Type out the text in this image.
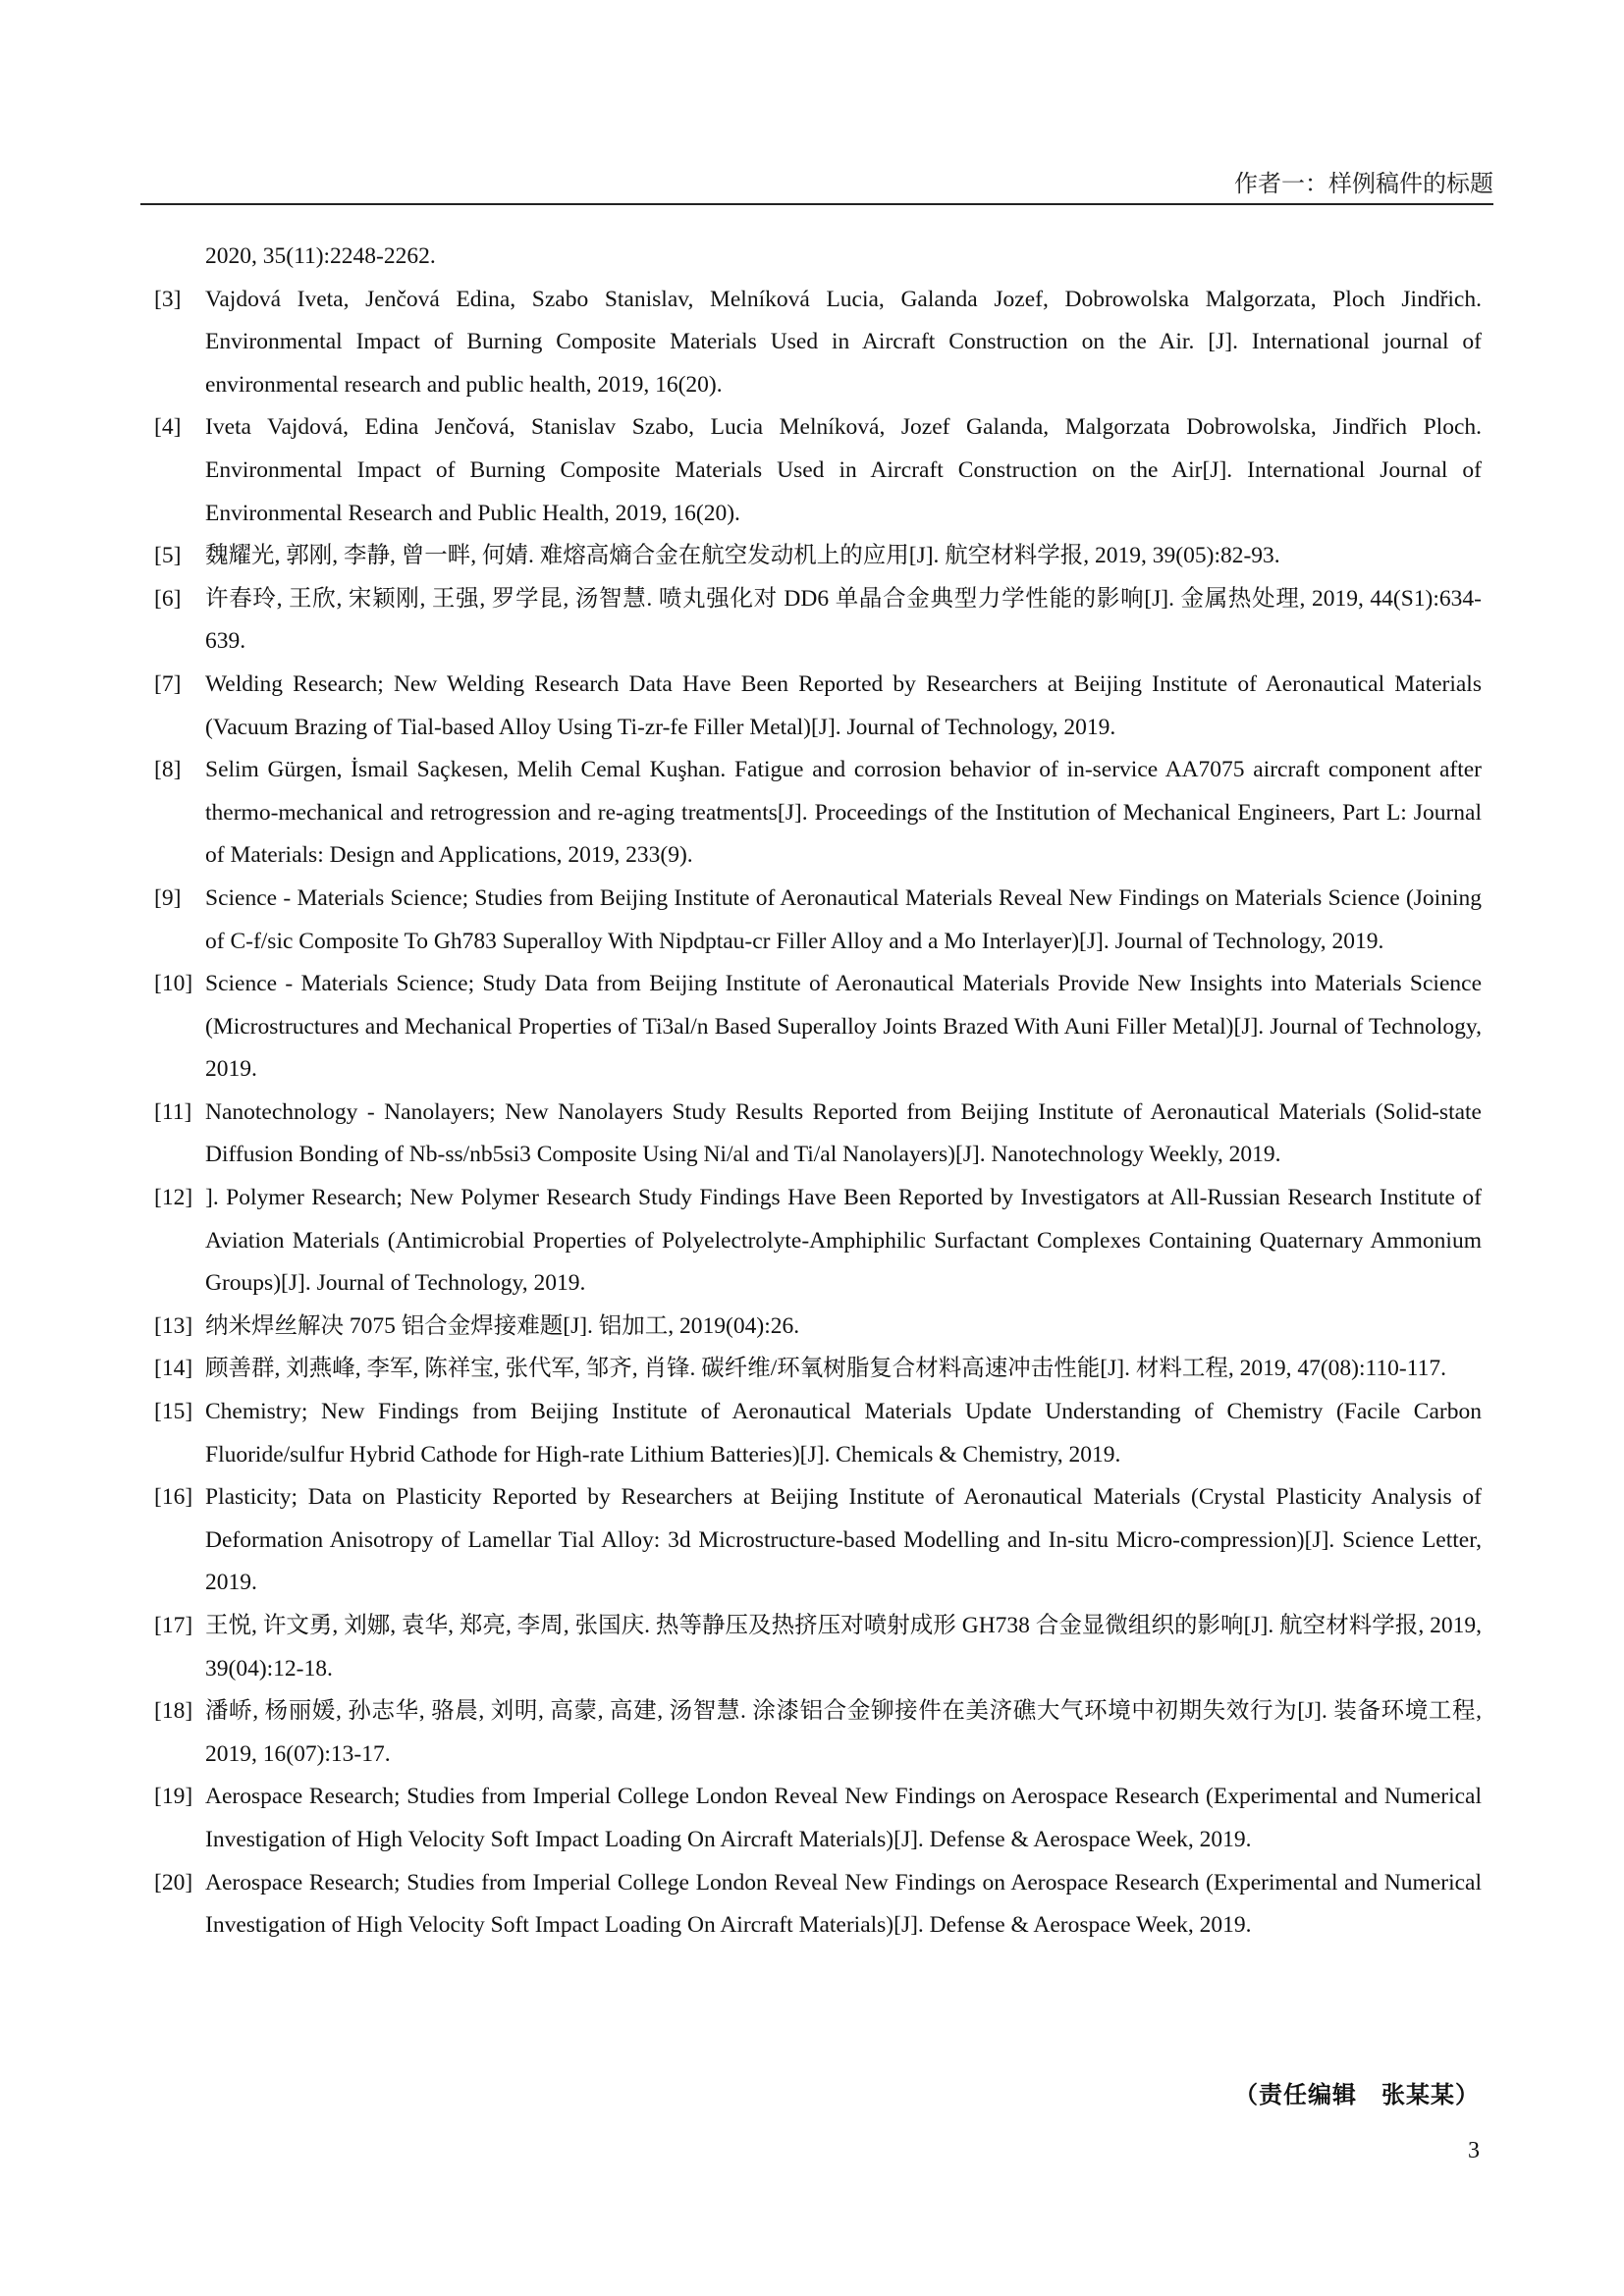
作者一：样例稿件的标题
2020, 35(11):2248-2262.
[3] Vajdová Iveta, Jenčová Edina, Szabo Stanislav, Melníková Lucia, Galanda Jozef, Dobrowolska Malgorzata, Ploch Jindřich. Environmental Impact of Burning Composite Materials Used in Aircraft Construction on the Air. [J]. International journal of environmental research and public health, 2019, 16(20).
[4] Iveta Vajdová, Edina Jenčová, Stanislav Szabo, Lucia Melníková, Jozef Galanda, Malgorzata Dobrowolska, Jindřich Ploch. Environmental Impact of Burning Composite Materials Used in Aircraft Construction on the Air[J]. International Journal of Environmental Research and Public Health, 2019, 16(20).
[5] 魏耀光, 郭刚, 李静, 曾一畔, 何婧. 难熔高熵合金在航空发动机上的应用[J]. 航空材料学报, 2019, 39(05):82-93.
[6] 许春玲, 王欣, 宋颖刚, 王强, 罗学昆, 汤智慧. 喷丸强化对 DD6 单晶合金典型力学性能的影响[J]. 金属热处理, 2019, 44(S1):634-639.
[7] Welding Research; New Welding Research Data Have Been Reported by Researchers at Beijing Institute of Aeronautical Materials (Vacuum Brazing of Tial-based Alloy Using Ti-zr-fe Filler Metal)[J]. Journal of Technology, 2019.
[8] Selim Gürgen, İsmail Saçkesen, Melih Cemal Kuşhan. Fatigue and corrosion behavior of in-service AA7075 aircraft component after thermo-mechanical and retrogression and re-aging treatments[J]. Proceedings of the Institution of Mechanical Engineers, Part L: Journal of Materials: Design and Applications, 2019, 233(9).
[9] Science - Materials Science; Studies from Beijing Institute of Aeronautical Materials Reveal New Findings on Materials Science (Joining of C-f/sic Composite To Gh783 Superalloy With Nipdptau-cr Filler Alloy and a Mo Interlayer)[J]. Journal of Technology, 2019.
[10] Science - Materials Science; Study Data from Beijing Institute of Aeronautical Materials Provide New Insights into Materials Science (Microstructures and Mechanical Properties of Ti3al/n Based Superalloy Joints Brazed With Auni Filler Metal)[J]. Journal of Technology, 2019.
[11] Nanotechnology - Nanolayers; New Nanolayers Study Results Reported from Beijing Institute of Aeronautical Materials (Solid-state Diffusion Bonding of Nb-ss/nb5si3 Composite Using Ni/al and Ti/al Nanolayers)[J]. Nanotechnology Weekly, 2019.
[12] ]. Polymer Research; New Polymer Research Study Findings Have Been Reported by Investigators at All-Russian Research Institute of Aviation Materials (Antimicrobial Properties of Polyelectrolyte-Amphiphilic Surfactant Complexes Containing Quaternary Ammonium Groups)[J]. Journal of Technology, 2019.
[13] 纳米焊丝解决 7075 铝合金焊接难题[J]. 铝加工, 2019(04):26.
[14] 顾善群, 刘燕峰, 李军, 陈祥宝, 张代军, 邹齐, 肖锋. 碳纤维/环氧树脂复合材料高速冲击性能[J]. 材料工程, 2019, 47(08):110-117.
[15] Chemistry; New Findings from Beijing Institute of Aeronautical Materials Update Understanding of Chemistry (Facile Carbon Fluoride/sulfur Hybrid Cathode for High-rate Lithium Batteries)[J]. Chemicals & Chemistry, 2019.
[16] Plasticity; Data on Plasticity Reported by Researchers at Beijing Institute of Aeronautical Materials (Crystal Plasticity Analysis of Deformation Anisotropy of Lamellar Tial Alloy: 3d Microstructure-based Modelling and In-situ Micro-compression)[J]. Science Letter, 2019.
[17] 王悦, 许文勇, 刘娜, 袁华, 郑亮, 李周, 张国庆. 热等静压及热挤压对喷射成形 GH738 合金显微组织的影响[J]. 航空材料学报, 2019, 39(04):12-18.
[18] 潘峤, 杨丽媛, 孙志华, 骆晨, 刘明, 高蒙, 高建, 汤智慧. 涂漆铝合金铆接件在美济礁大气环境中初期失效行为[J]. 装备环境工程, 2019, 16(07):13-17.
[19] Aerospace Research; Studies from Imperial College London Reveal New Findings on Aerospace Research (Experimental and Numerical Investigation of High Velocity Soft Impact Loading On Aircraft Materials)[J]. Defense & Aerospace Week, 2019.
[20] Aerospace Research; Studies from Imperial College London Reveal New Findings on Aerospace Research (Experimental and Numerical Investigation of High Velocity Soft Impact Loading On Aircraft Materials)[J]. Defense & Aerospace Week, 2019.
（责任编辑　张某某）
3
